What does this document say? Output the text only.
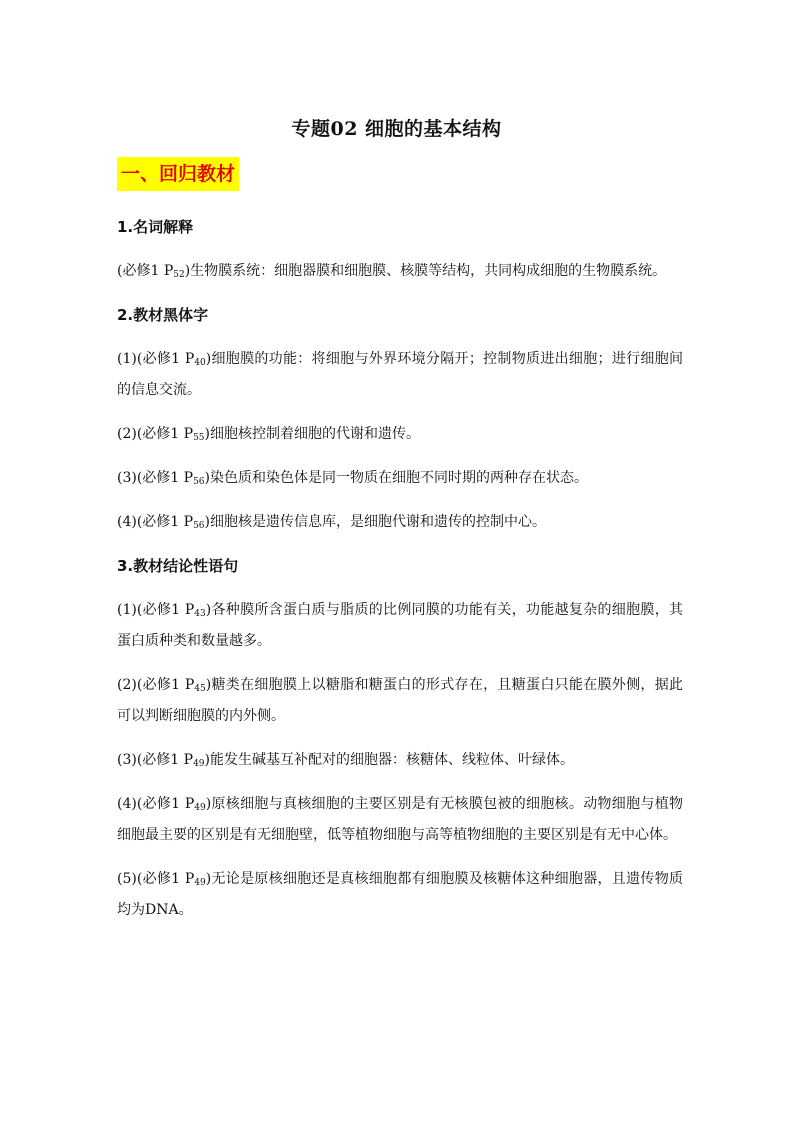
专题02 细胞的基本结构
一、回归教材
1.名词解释

(必修1 $P_{52}$)生物膜系统：细胞器膜和细胞膜、核膜等结构，共同构成细胞的生物膜系统。

2.教材黑体字

(1)(必修1 $P_{40}$)细胞膜的功能：将细胞与外界环境分隔开；控制物质进出细胞；进行细胞间的信息交流。

(2)(必修1 $P_{55}$)细胞核控制着细胞的代谢和遗传。

(3)(必修1 $P_{56}$)染色质和染色体是同一物质在细胞不同时期的两种存在状态。

(4)(必修1 $P_{56}$)细胞核是遗传信息库，是细胞代谢和遗传的控制中心。

3.教材结论性语句

(1)(必修1 $P_{43}$)各种膜所含蛋白质与脂质的比例同膜的功能有关，功能越复杂的细胞膜，其蛋白质种类和数量越多。

(2)(必修1 $P_{45}$)糖类在细胞膜上以糖脂和糖蛋白的形式存在，且糖蛋白只能在膜外侧，据此可以判断细胞膜的内外侧。

(3)(必修1 $P_{49}$)能发生碱基互补配对的细胞器：核糖体、线粒体、叶绿体。

(4)(必修1 $P_{49}$)原核细胞与真核细胞的主要区别是有无核膜包被的细胞核。动物细胞与植物细胞最主要的区别是有无细胞壁，低等植物细胞与高等植物细胞的主要区别是有无中心体。

(5)(必修1 $P_{49}$)无论是原核细胞还是真核细胞都有细胞膜及核糖体这种细胞器，且遗传物质均为DNA。
